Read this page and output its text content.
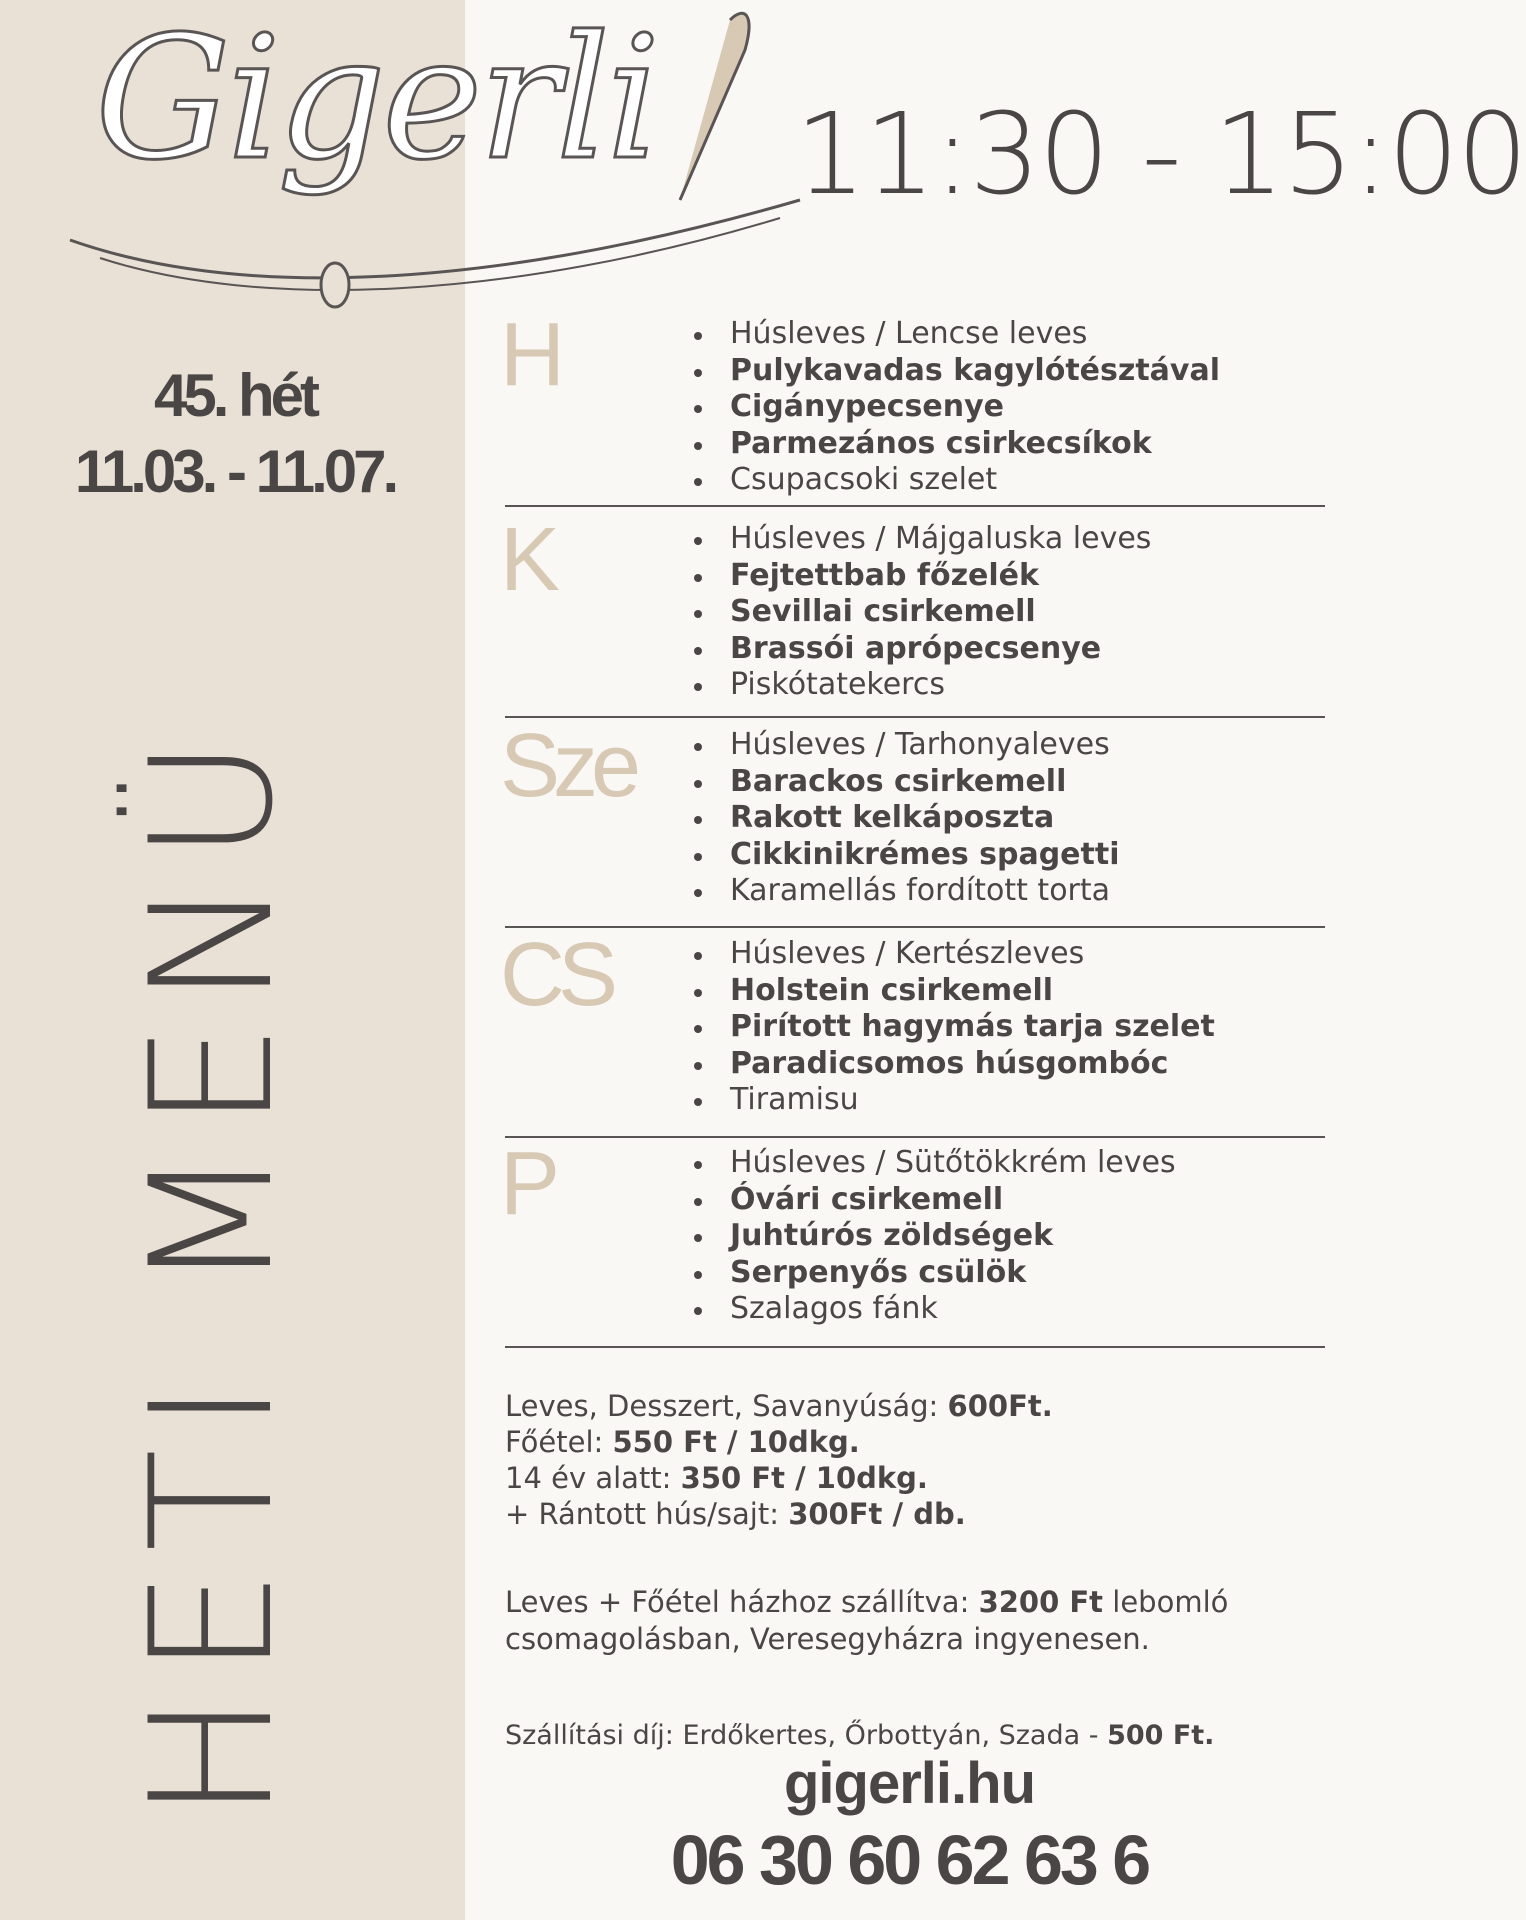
Gigerli 11:30 - 15:00
45. hét
11.03. - 11.07.
HETI MENÜ
H	Húsleves / Lencse leves
Pulykavadas kagylótésztával
Cigánypecsenye
Parmezános csirkecsíkok
Csupacsoki szelet
K	Húsleves / Májgaluska leves
Fejtettbab főzelék
Sevillai csirkemell
Brassói aprópecsenye
Piskótatekercs
Sze	Húsleves / Tarhonyaleves
Barackos csirkemell
Rakott kelkáposzta
Cikkinikrémes spagetti
Karamellás fordított torta
CS	Húsleves / Kertészleves
Holstein csirkemell
Pirított hagymás tarja szelet
Paradicsomos húsgombóc
Tiramisu
P	Húsleves / Sütőtökkrém leves
Óvári csirkemell
Juhtúrós zöldségek
Serpenyős csülök
Szalagos fánk
Leves, Desszert, Savanyúság: 600Ft.
Főétel: 550 Ft / 10dkg.
14 év alatt: 350 Ft / 10dkg.
+ Rántott hús/sajt: 300Ft / db.
Leves + Főétel házhoz szállítva: 3200 Ft lebomló csomagolásban, Veresegyházra ingyenesen.
Szállítási díj: Erdőkertes, Őrbottyán, Szada - 500 Ft.
gigerli.hu
06 30 60 62 63 6
